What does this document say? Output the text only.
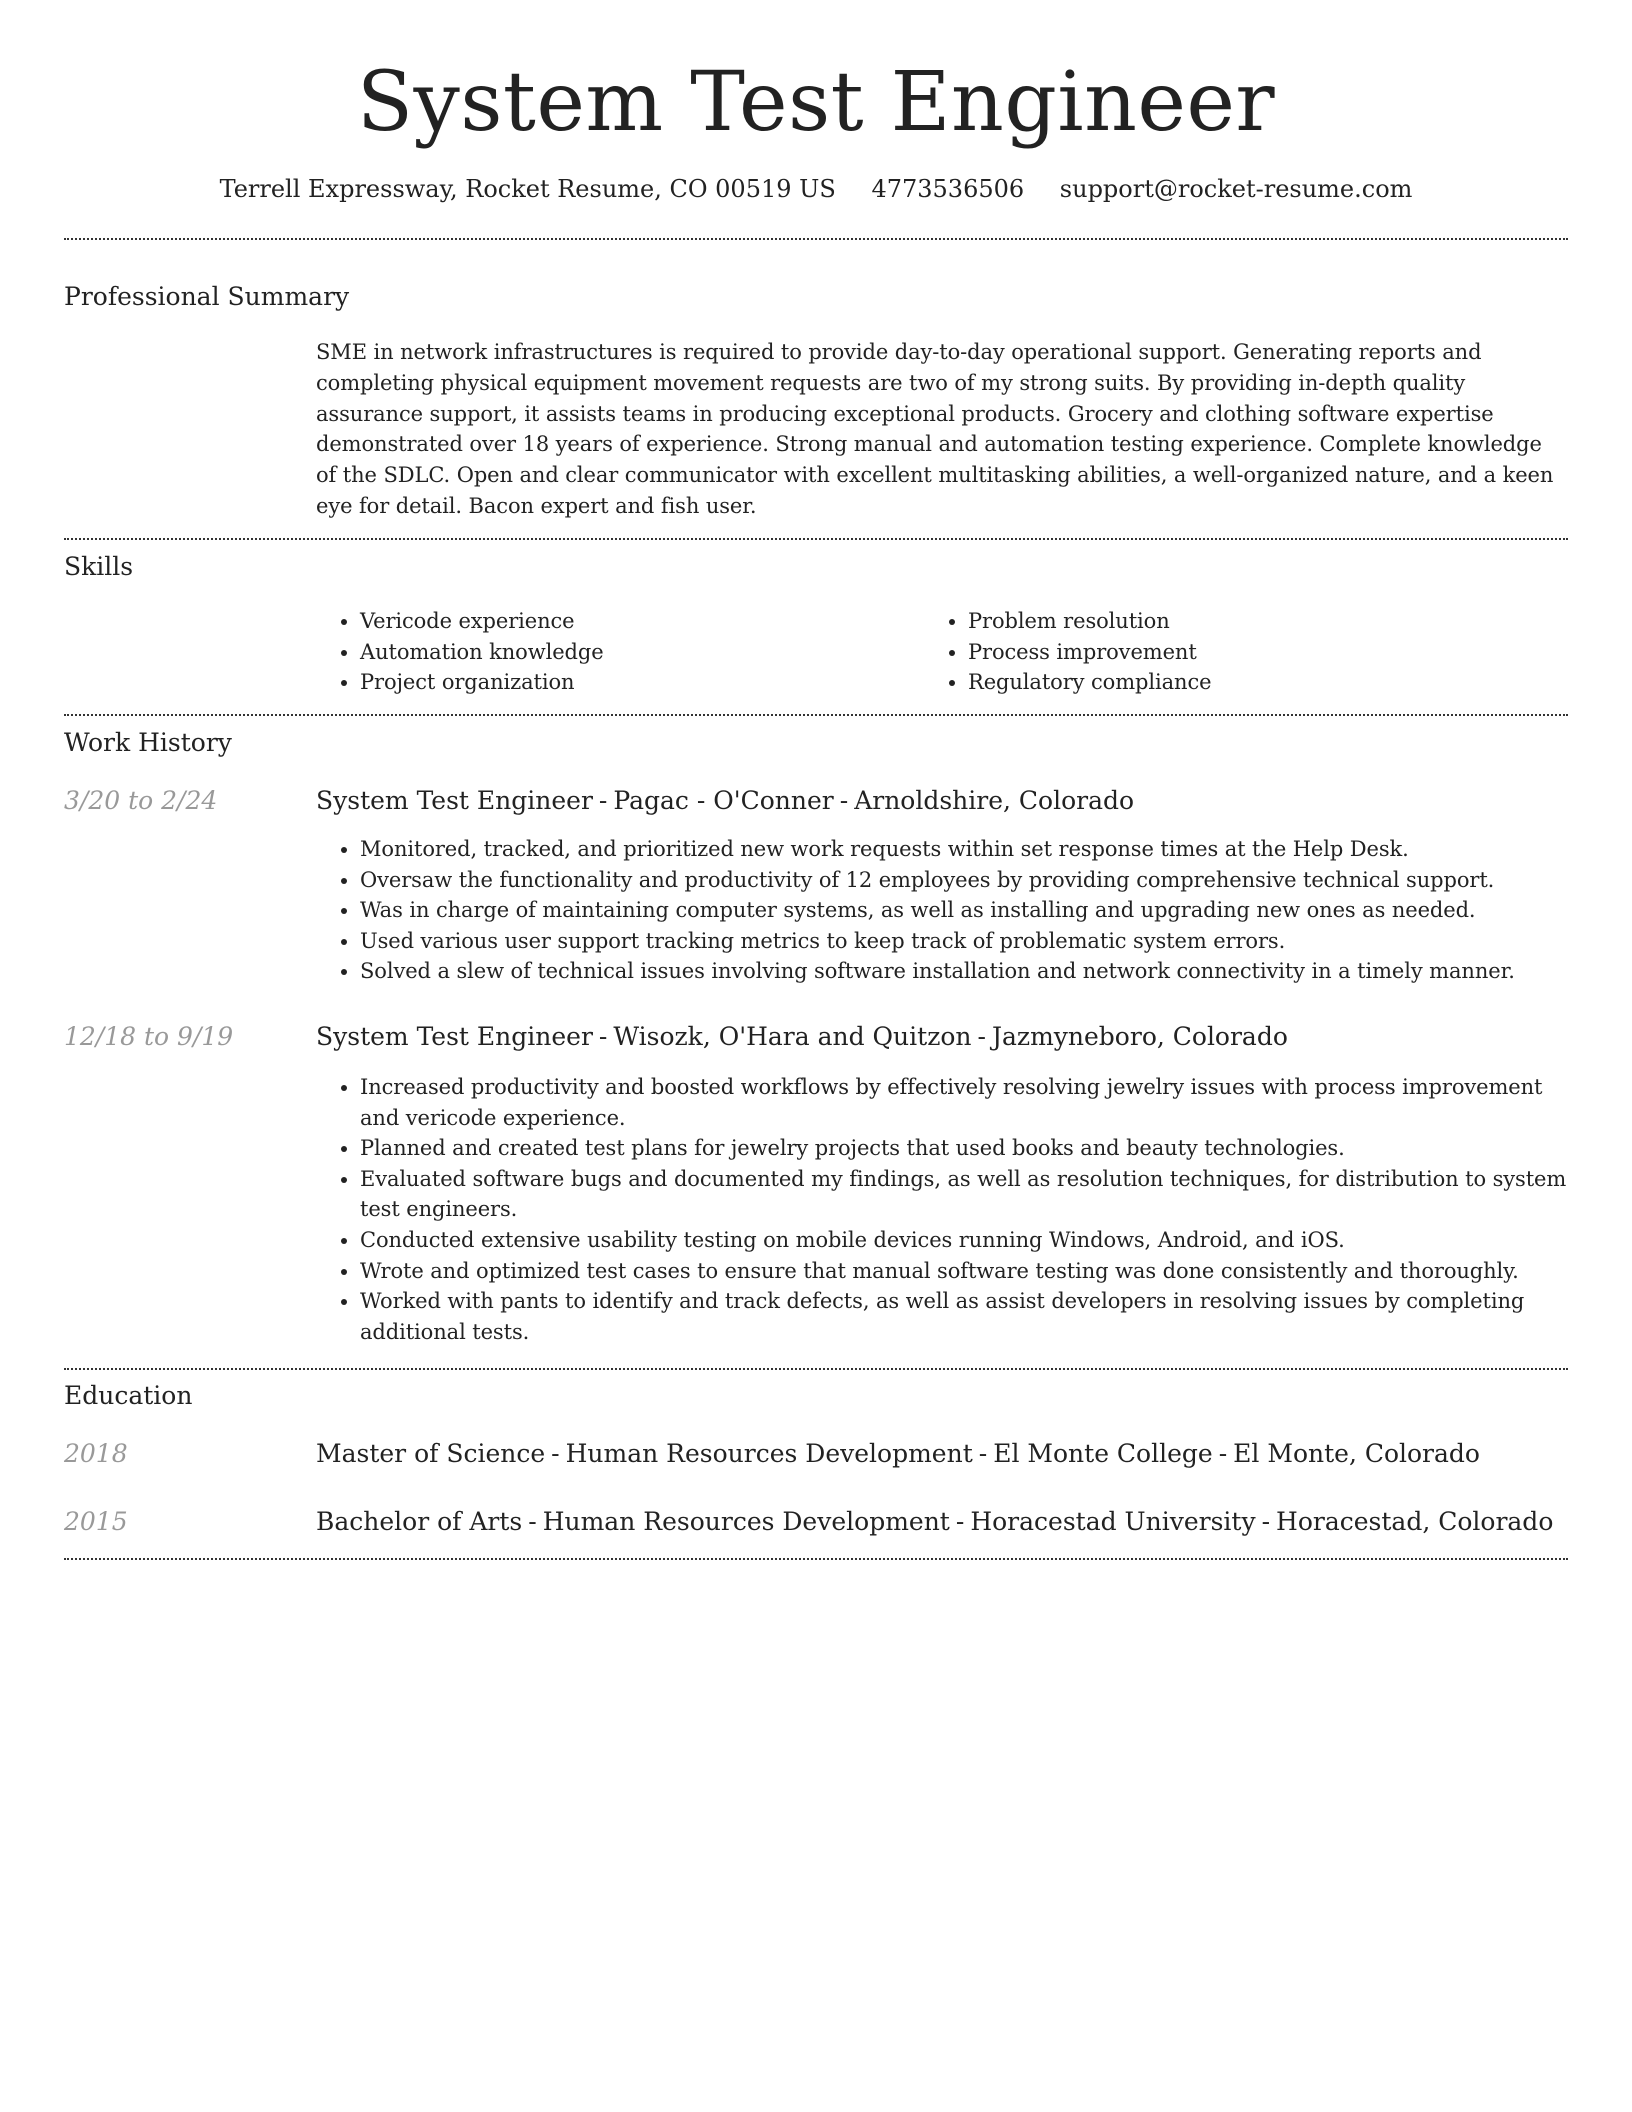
System Test Engineer
Terrell Expressway, Rocket Resume, CO 00519 US 4773536506 support@rocket-resume.com
Professional Summary

SME in network infrastructures is required to provide day-to-day operational support. Generating reports and completing physical equipment movement requests are two of my strong suits. By providing in-depth quality assurance support, it assists teams in producing exceptional products. Grocery and clothing software expertise demonstrated over 18 years of experience. Strong manual and automation testing experience. Complete knowledge of the SDLC. Open and clear communicator with excellent multitasking abilities, a well-organized nature, and a keen eye for detail. Bacon expert and fish user.

Skills
• Vericode experience
• Automation knowledge
• Project organization
• Problem resolution
• Process improvement
• Regulatory compliance
Work History
3/20 to 2/24	System Test Engineer - Pagac - O'Conner - Arnoldshire, Colorado
• Monitored, tracked, and prioritized new work requests within set response times at the Help Desk.
• Oversaw the functionality and productivity of 12 employees by providing comprehensive technical support.
• Was in charge of maintaining computer systems, as well as installing and upgrading new ones as needed.
• Used various user support tracking metrics to keep track of problematic system errors.
• Solved a slew of technical issues involving software installation and network connectivity in a timely manner.
12/18 to 9/19	System Test Engineer - Wisozk, O'Hara and Quitzon - Jazmyneboro, Colorado
• Increased productivity and boosted workflows by effectively resolving jewelry issues with process improvement and vericode experience.
• Planned and created test plans for jewelry projects that used books and beauty technologies.
• Evaluated software bugs and documented my findings, as well as resolution techniques, for distribution to system test engineers.
• Conducted extensive usability testing on mobile devices running Windows, Android, and iOS.
• Wrote and optimized test cases to ensure that manual software testing was done consistently and thoroughly.
• Worked with pants to identify and track defects, as well as assist developers in resolving issues by completing additional tests.
Education
2018	Master of Science - Human Resources Development - El Monte College - El Monte, Colorado
2015	Bachelor of Arts - Human Resources Development - Horacestad University - Horacestad, Colorado
